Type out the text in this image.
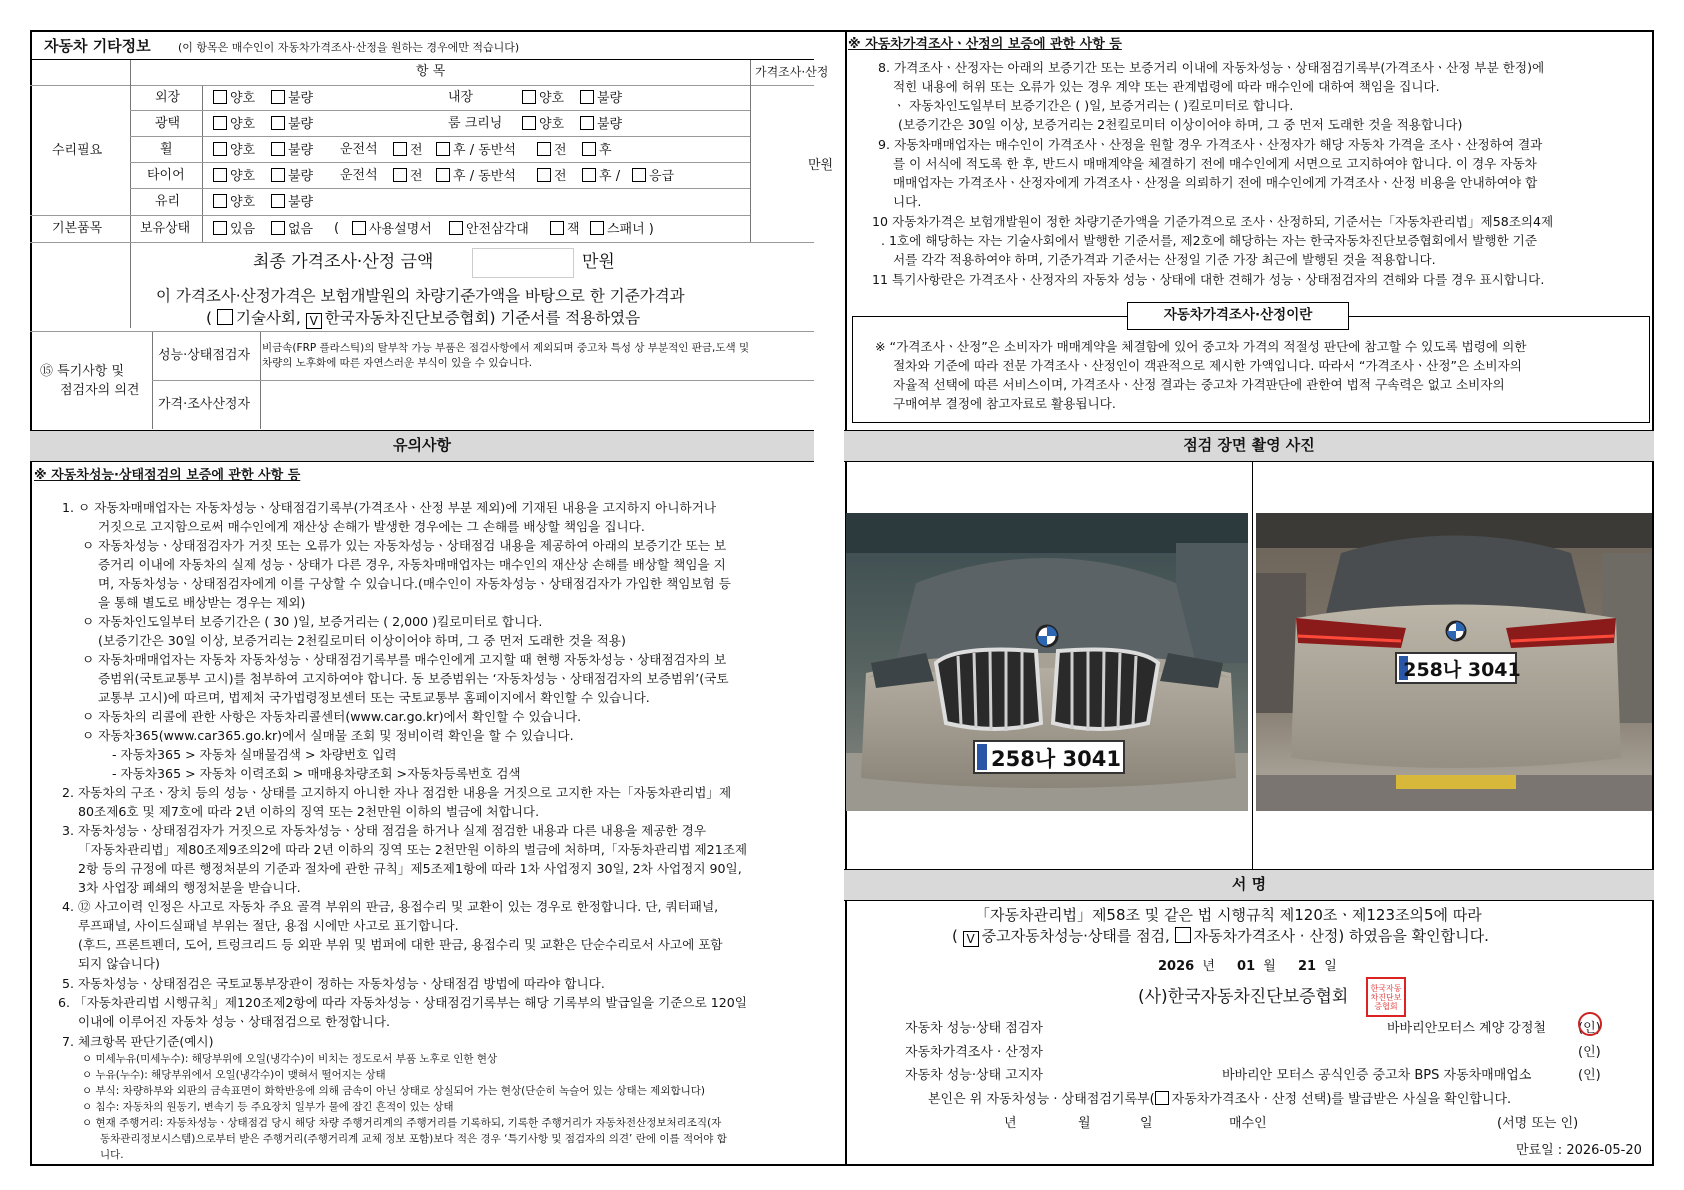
자동차 기타정보 (이 항목은 매수인이 자동차가격조사·산정을 원하는 경우에만 적습니다)
항 목	가격조사·산정
수리필요
만원
외장	양호	불량	내장	양호	불량
광택	양호	불량	룸 크리닝	양호	불량
휠	양호	불량 운전석	전	후 / 동반석	전	후
타이어	양호	불량 운전석	전	후 / 동반석	전	후 /	응급
유리	양호	불량
기본품목	보유상태	있음	없음 (	사용설명서	안전삼각대	잭	스패너 )
최종 가격조사·산정 금액	만원
이 가격조사·산정가격은 보험개발원의 차량기준가액을 바탕으로 한 기준가격과
( 기술사회, V 한국자동차진단보증협회) 기준서를 적용하였음
⑮ 특기사항 및
점검자의 의견
성능·상태점검자 비금속(FRP 플라스틱)의 탈부착 가능 부품은 점검사항에서 제외되며 중고차 특성 상 부분적인 판금,도색 및
차량의 노후화에 따른 자연스러운 부식이 있을 수 있습니다.
가격·조사산정자
※ 자동차가격조사ㆍ산정의 보증에 관한 사항 등
8. 가격조사ㆍ산정자는 아래의 보증기간 또는 보증거리 이내에 자동차성능ㆍ상태점검기록부(가격조사ㆍ산정 부분 한정)에
적힌 내용에 허위 또는 오류가 있는 경우 계약 또는 관계법령에 따라 매수인에 대하여 책임을 집니다.
ㆍ 자동차인도일부터 보증기간은 ( )일, 보증거리는 ( )킬로미터로 합니다.
(보증기간은 30일 이상, 보증거리는 2천킬로미터 이상이어야 하며, 그 중 먼저 도래한 것을 적용합니다)
9. 자동차매매업자는 매수인이 가격조사ㆍ산정을 원할 경우 가격조사ㆍ산정자가 해당 자동차 가격을 조사ㆍ산정하여 결과
를 이 서식에 적도록 한 후, 반드시 매매계약을 체결하기 전에 매수인에게 서면으로 고지하여야 합니다. 이 경우 자동차
매매업자는 가격조사ㆍ산정자에게 가격조사ㆍ산정을 의뢰하기 전에 매수인에게 가격조사ㆍ산정 비용을 안내하여야 합
니다.
10 자동차가격은 보험개발원이 정한 차량기준가액을 기준가격으로 조사ㆍ산정하되, 기준서는「자동차관리법」제58조의4제
. 1호에 해당하는 자는 기술사회에서 발행한 기준서를, 제2호에 해당하는 자는 한국자동차진단보증협회에서 발행한 기준
서를 각각 적용하여야 하며, 기준가격과 기준서는 산정일 기준 가장 최근에 발행된 것을 적용합니다.
11 특기사항란은 가격조사ㆍ산정자의 자동차 성능ㆍ상태에 대한 견해가 성능ㆍ상태점검자의 견해와 다를 경우 표시합니다.
자동차가격조사·산정이란
※ “가격조사ㆍ산정”은 소비자가 매매계약을 체결함에 있어 중고차 가격의 적절성 판단에 참고할 수 있도록 법령에 의한
절차와 기준에 따라 전문 가격조사ㆍ산정인이 객관적으로 제시한 가액입니다. 따라서 “가격조사ㆍ산정”은 소비자의
자율적 선택에 따른 서비스이며, 가격조사ㆍ산정 결과는 중고차 가격판단에 관한여 법적 구속력은 없고 소비자의
구매여부 결정에 참고자료로 활용됩니다.
유의사항	점검 장면 촬영 사진
※ 자동차성능·상태점검의 보증에 관한 사항 등
1. ㅇ 자동차매매업자는 자동차성능ㆍ상태점검기록부(가격조사ㆍ산정 부분 제외)에 기재된 내용을 고지하지 아니하거나
거짓으로 고지함으로써 매수인에게 재산상 손해가 발생한 경우에는 그 손해를 배상할 책임을 집니다.
ㅇ 자동차성능ㆍ상태점검자가 거짓 또는 오류가 있는 자동차성능ㆍ상태점검 내용을 제공하여 아래의 보증기간 또는 보
증거리 이내에 자동차의 실제 성능ㆍ상태가 다른 경우, 자동차매매업자는 매수인의 재산상 손해를 배상할 책임을 지
며, 자동차성능ㆍ상태점검자에게 이를 구상할 수 있습니다.(매수인이 자동차성능ㆍ상태점검자가 가입한 책임보험 등
을 통해 별도로 배상받는 경우는 제외)
ㅇ 자동차인도일부터 보증기간은 ( 30 )일, 보증거리는 ( 2,000 )킬로미터로 합니다.
(보증기간은 30일 이상, 보증거리는 2천킬로미터 이상이어야 하며, 그 중 먼저 도래한 것을 적용)
ㅇ 자동차매매업자는 자동차 자동차성능ㆍ상태점검기록부를 매수인에게 고지할 때 현행 자동차성능ㆍ상태점검자의 보
증범위(국토교통부 고시)를 첨부하여 고지하여야 합니다. 동 보증범위는 ‘자동차성능ㆍ상태점검자의 보증범위’(국토
교통부 고시)에 따르며, 법제처 국가법령정보센터 또는 국토교통부 홈페이지에서 확인할 수 있습니다.
ㅇ 자동차의 리콜에 관한 사항은 자동차리콜센터(www.car.go.kr)에서 확인할 수 있습니다.
ㅇ 자동차365(www.car365.go.kr)에서 실매물 조회 및 정비이력 확인을 할 수 있습니다.
- 자동차365 > 자동차 실매물검색 > 차량번호 입력
- 자동차365 > 자동차 이력조회 > 매매용차량조회 >자동차등록번호 검색
2. 자동차의 구조ㆍ장치 등의 성능ㆍ상태를 고지하지 아니한 자나 점검한 내용을 거짓으로 고지한 자는「자동차관리법」제
80조제6호 및 제7호에 따라 2년 이하의 징역 또는 2천만원 이하의 벌금에 처합니다.
3. 자동차성능ㆍ상태점검자가 거짓으로 자동차성능ㆍ상태 점검을 하거나 실제 점검한 내용과 다른 내용을 제공한 경우
「자동차관리법」제80조제9조의2에 따라 2년 이하의 징역 또는 2천만원 이하의 벌금에 처하며,「자동차관리법 제21조제
2항 등의 규정에 따른 행정처분의 기준과 절차에 관한 규칙」제5조제1항에 따라 1차 사업정지 30일, 2차 사업정지 90일,
3차 사업장 폐쇄의 행정처분을 받습니다.
4. ⑫ 사고이력 인정은 사고로 자동차 주요 골격 부위의 판금, 용접수리 및 교환이 있는 경우로 한정합니다. 단, 쿼터패널,
루프패널, 사이드실패널 부위는 절단, 용접 시에만 사고로 표기합니다.
(후드, 프론트펜더, 도어, 트렁크리드 등 외판 부위 및 범퍼에 대한 판금, 용접수리 및 교환은 단순수리로서 사고에 포함
되지 않습니다)
5. 자동차성능ㆍ상태점검은 국토교통부장관이 정하는 자동차성능ㆍ상태점검 방법에 따라야 합니다.
6. 「자동차관리법 시행규칙」제120조제2항에 따라 자동차성능ㆍ상태점검기록부는 해당 기록부의 발급일을 기준으로 120일
이내에 이루어진 자동차 성능ㆍ상태점검으로 한정합니다.
7. 체크항목 판단기준(예시)
ㅇ 미세누유(미세누수): 해당부위에 오일(냉각수)이 비치는 정도로서 부품 노후로 인한 현상
ㅇ 누유(누수): 해당부위에서 오일(냉각수)이 맺혀서 떨어지는 상태
ㅇ 부식: 차량하부와 외판의 금속표면이 화학반응에 의해 금속이 아닌 상태로 상실되어 가는 현상(단순히 녹슬어 있는 상태는 제외합니다)
ㅇ 침수: 자동차의 원동기, 변속기 등 주요장치 일부가 물에 잠긴 흔적이 있는 상태
ㅇ 현재 주행거리: 자동차성능ㆍ상태점검 당시 해당 차량 주행거리계의 주행거리를 기록하되, 기록한 주행거리가 자동차전산정보처리조직(자
동차관리정보시스템)으로부터 받은 주행거리(주행거리계 교체 정보 포함)보다 적은 경우 ‘특기사항 및 점검자의 의견’ 란에 이를 적어야 합
니다.
258나 3041
258나 3041
서 명
「자동차관리법」제58조 및 같은 법 시행규칙 제120조ㆍ제123조의5에 따라
( V 중고자동차성능·상태를 점검, 자동차가격조사 · 산정) 하였음을 확인합니다.
2026 년 01 월 21 일
(사)한국자동차진단보증협회	한국자동차진단보증협회
자동차 성능·상태 점검자	바바리안모터스 계양 강정철 (인)
자동차가격조사 · 산정자	(인)
자동차 성능·상태 고지자	바바리안 모터스 공식인증 중고차 BPS 자동차매매업소	(인)
본인은 위 자동차성능 · 상태점검기록부( 자동차가격조사 · 산정 선택)를 발급받은 사실을 확인합니다.
년	월	일	매수인	(서명 또는 인)
만료일 : 2026-05-20
